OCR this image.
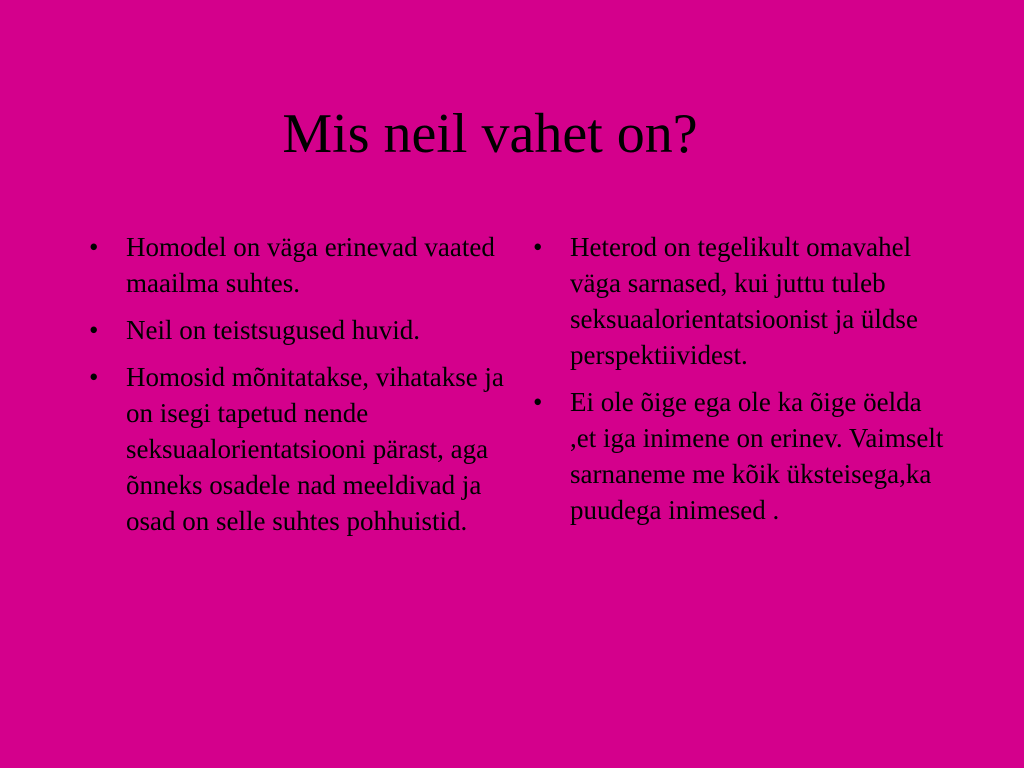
Mis neil vahet on?
• Homodel on väga erinevad vaated maailma suhtes.
• Neil on teistsugused huvid.
• Homosid mõnitatakse, vihatakse ja on isegi tapetud nende seksuaalorientatsiooni pärast, aga õnneks osadele nad meeldivad ja osad on selle suhtes pohhuistid.
• Heterod on tegelikult omavahel väga sarnased, kui juttu tuleb seksuaalorientatsioonist ja üldse perspektiividest.
• Ei ole õige ega ole ka õige öelda ,et iga inimene on erinev. Vaimselt sarnaneme me kõik üksteisega,ka puudega inimesed .
